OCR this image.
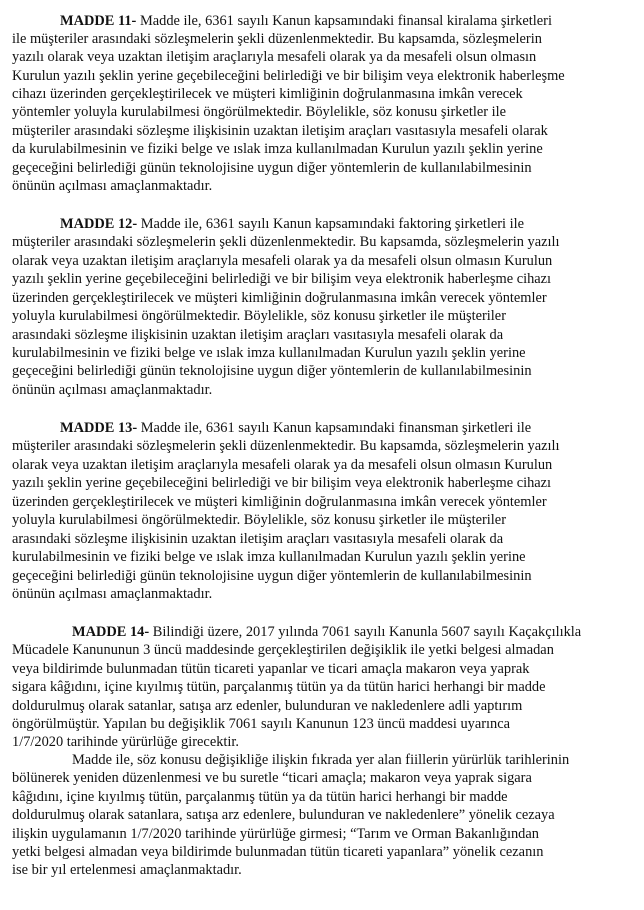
MADDE 11- Madde ile, 6361 sayılı Kanun kapsamındaki finansal kiralama şirketleri
ile müşteriler arasındaki sözleşmelerin şekli düzenlenmektedir. Bu kapsamda, sözleşmelerin
yazılı olarak veya uzaktan iletişim araçlarıyla mesafeli olarak ya da mesafeli olsun olmasın
Kurulun yazılı şeklin yerine geçebileceğini belirlediği ve bir bilişim veya elektronik haberleşme
cihazı üzerinden gerçekleştirilecek ve müşteri kimliğinin doğrulanmasına imkân verecek
yöntemler yoluyla kurulabilmesi öngörülmektedir. Böylelikle, söz konusu şirketler ile
müşteriler arasındaki sözleşme ilişkisinin uzaktan iletişim araçları vasıtasıyla mesafeli olarak
da kurulabilmesinin ve fiziki belge ve ıslak imza kullanılmadan Kurulun yazılı şeklin yerine
geçeceğini belirlediği günün teknolojisine uygun diğer yöntemlerin de kullanılabilmesinin
önünün açılması amaçlanmaktadır.
MADDE 12- Madde ile, 6361 sayılı Kanun kapsamındaki faktoring şirketleri ile
müşteriler arasındaki sözleşmelerin şekli düzenlenmektedir. Bu kapsamda, sözleşmelerin yazılı
olarak veya uzaktan iletişim araçlarıyla mesafeli olarak ya da mesafeli olsun olmasın Kurulun
yazılı şeklin yerine geçebileceğini belirlediği ve bir bilişim veya elektronik haberleşme cihazı
üzerinden gerçekleştirilecek ve müşteri kimliğinin doğrulanmasına imkân verecek yöntemler
yoluyla kurulabilmesi öngörülmektedir. Böylelikle, söz konusu şirketler ile müşteriler
arasındaki sözleşme ilişkisinin uzaktan iletişim araçları vasıtasıyla mesafeli olarak da
kurulabilmesinin ve fiziki belge ve ıslak imza kullanılmadan Kurulun yazılı şeklin yerine
geçeceğini belirlediği günün teknolojisine uygun diğer yöntemlerin de kullanılabilmesinin
önünün açılması amaçlanmaktadır.
MADDE 13- Madde ile, 6361 sayılı Kanun kapsamındaki finansman şirketleri ile
müşteriler arasındaki sözleşmelerin şekli düzenlenmektedir. Bu kapsamda, sözleşmelerin yazılı
olarak veya uzaktan iletişim araçlarıyla mesafeli olarak ya da mesafeli olsun olmasın Kurulun
yazılı şeklin yerine geçebileceğini belirlediği ve bir bilişim veya elektronik haberleşme cihazı
üzerinden gerçekleştirilecek ve müşteri kimliğinin doğrulanmasına imkân verecek yöntemler
yoluyla kurulabilmesi öngörülmektedir. Böylelikle, söz konusu şirketler ile müşteriler
arasındaki sözleşme ilişkisinin uzaktan iletişim araçları vasıtasıyla mesafeli olarak da
kurulabilmesinin ve fiziki belge ve ıslak imza kullanılmadan Kurulun yazılı şeklin yerine
geçeceğini belirlediği günün teknolojisine uygun diğer yöntemlerin de kullanılabilmesinin
önünün açılması amaçlanmaktadır.
MADDE 14- Bilindiği üzere, 2017 yılında 7061 sayılı Kanunla 5607 sayılı Kaçakçılıkla
Mücadele Kanununun 3 üncü maddesinde gerçekleştirilen değişiklik ile yetki belgesi almadan
veya bildirimde bulunmadan tütün ticareti yapanlar ve ticari amaçla makaron veya yaprak
sigara kâğıdını, içine kıyılmış tütün, parçalanmış tütün ya da tütün harici herhangi bir madde
doldurulmuş olarak satanlar, satışa arz edenler, bulunduran ve nakledenlere adli yaptırım
öngörülmüştür. Yapılan bu değişiklik 7061 sayılı Kanunun 123 üncü maddesi uyarınca
1/7/2020 tarihinde yürürlüğe girecektir.
Madde ile, söz konusu değişikliğe ilişkin fıkrada yer alan fiillerin yürürlük tarihlerinin
bölünerek yeniden düzenlenmesi ve bu suretle “ticari amaçla; makaron veya yaprak sigara
kâğıdını, içine kıyılmış tütün, parçalanmış tütün ya da tütün harici herhangi bir madde
doldurulmuş olarak satanlara, satışa arz edenlere, bulunduran ve nakledenlere” yönelik cezaya
ilişkin uygulamanın 1/7/2020 tarihinde yürürlüğe girmesi; “Tarım ve Orman Bakanlığından
yetki belgesi almadan veya bildirimde bulunmadan tütün ticareti yapanlara” yönelik cezanın
ise bir yıl ertelenmesi amaçlanmaktadır.
